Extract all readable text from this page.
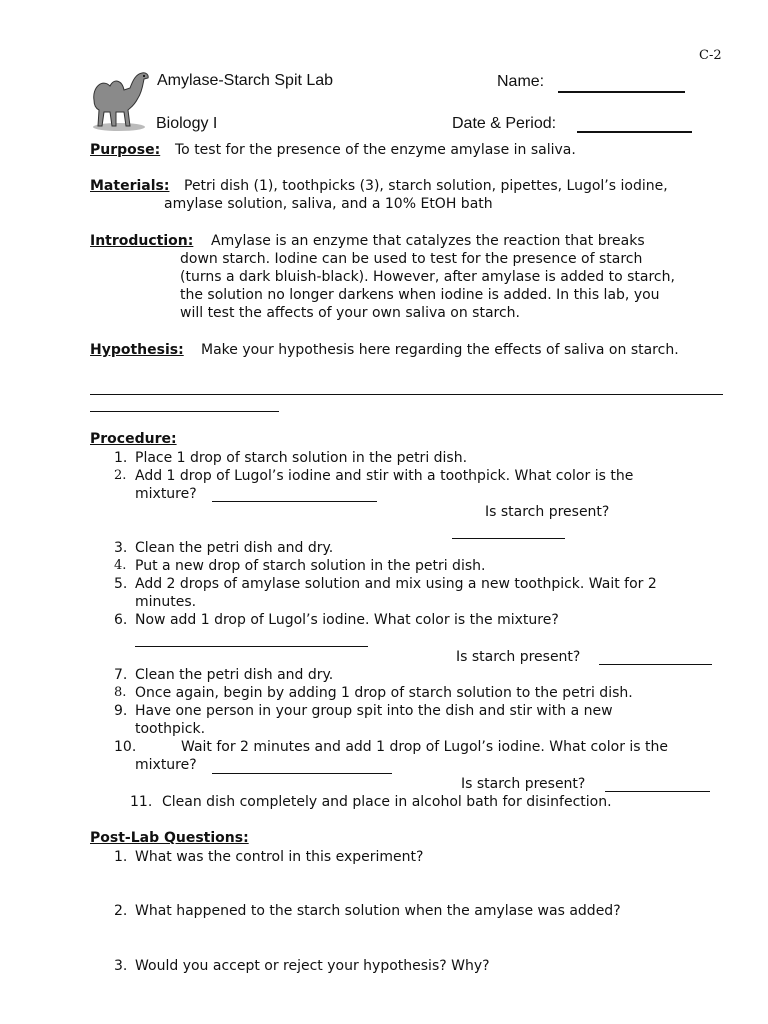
C-2
Amylase-Starch Spit Lab
Biology I
Name:
Date & Period:
Purpose: To test for the presence of the enzyme amylase in saliva.
Materials: Petri dish (1), toothpicks (3), starch solution, pipettes, Lugol’s iodine,
amylase solution, saliva, and a 10% EtOH bath
Introduction: Amylase is an enzyme that catalyzes the reaction that breaks
down starch. Iodine can be used to test for the presence of starch
(turns a dark bluish-black). However, after amylase is added to starch,
the solution no longer darkens when iodine is added. In this lab, you
will test the affects of your own saliva on starch.
Hypothesis: Make your hypothesis here regarding the effects of saliva on starch.
Procedure:
1. Place 1 drop of starch solution in the petri dish.
2. Add 1 drop of Lugol’s iodine and stir with a toothpick. What color is the
mixture?
Is starch present?
3. Clean the petri dish and dry.
4. Put a new drop of starch solution in the petri dish.
5. Add 2 drops of amylase solution and mix using a new toothpick. Wait for 2
minutes.
6. Now add 1 drop of Lugol’s iodine. What color is the mixture?
Is starch present?
7. Clean the petri dish and dry.
8. Once again, begin by adding 1 drop of starch solution to the petri dish.
9. Have one person in your group spit into the dish and stir with a new
toothpick.
10.	Wait for 2 minutes and add 1 drop of Lugol’s iodine. What color is the
mixture?
Is starch present?
11. Clean dish completely and place in alcohol bath for disinfection.
Post-Lab Questions:
1. What was the control in this experiment?
2. What happened to the starch solution when the amylase was added?
3. Would you accept or reject your hypothesis? Why?
